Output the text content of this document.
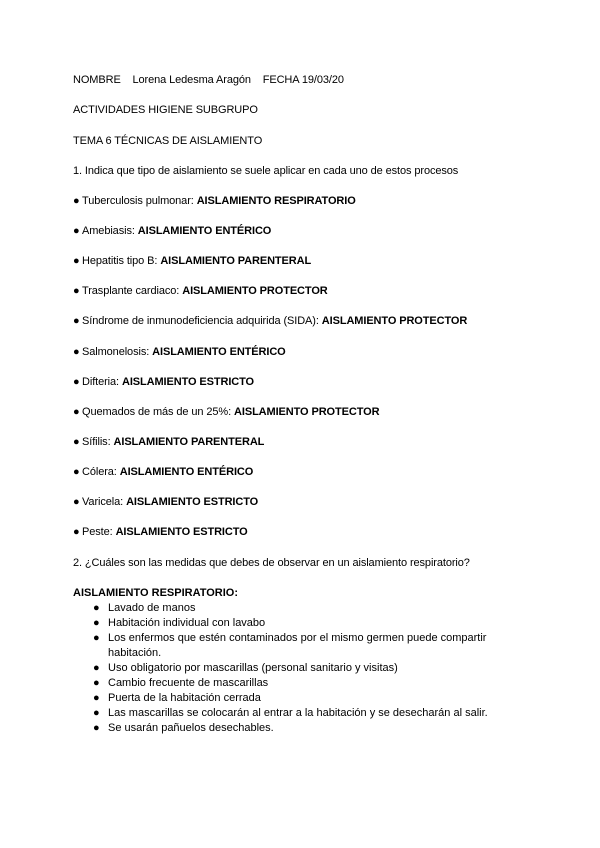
NOMBRE Lorena Ledesma Aragón FECHA 19/03/20
ACTIVIDADES HIGIENE SUBGRUPO
TEMA 6 TÉCNICAS DE AISLAMIENTO
1. Indica que tipo de aislamiento se suele aplicar en cada uno de estos procesos
● Tuberculosis pulmonar: AISLAMIENTO RESPIRATORIO
● Amebiasis: AISLAMIENTO ENTÉRICO
● Hepatitis tipo B: AISLAMIENTO PARENTERAL
● Trasplante cardiaco: AISLAMIENTO PROTECTOR
● Síndrome de inmunodeficiencia adquirida (SIDA): AISLAMIENTO PROTECTOR
● Salmonelosis: AISLAMIENTO ENTÉRICO
● Difteria: AISLAMIENTO ESTRICTO
● Quemados de más de un 25%: AISLAMIENTO PROTECTOR
● Sífilis: AISLAMIENTO PARENTERAL
● Cólera: AISLAMIENTO ENTÉRICO
● Varicela: AISLAMIENTO ESTRICTO
● Peste: AISLAMIENTO ESTRICTO
2. ¿Cuáles son las medidas que debes de observar en un aislamiento respiratorio?
AISLAMIENTO RESPIRATORIO:
● Lavado de manos
● Habitación individual con lavabo
● Los enfermos que estén contaminados por el mismo germen puede compartir habitación.
● Uso obligatorio por mascarillas (personal sanitario y visitas)
● Cambio frecuente de mascarillas
● Puerta de la habitación cerrada
● Las mascarillas se colocarán al entrar a la habitación y se desecharán al salir.
● Se usarán pañuelos desechables.
